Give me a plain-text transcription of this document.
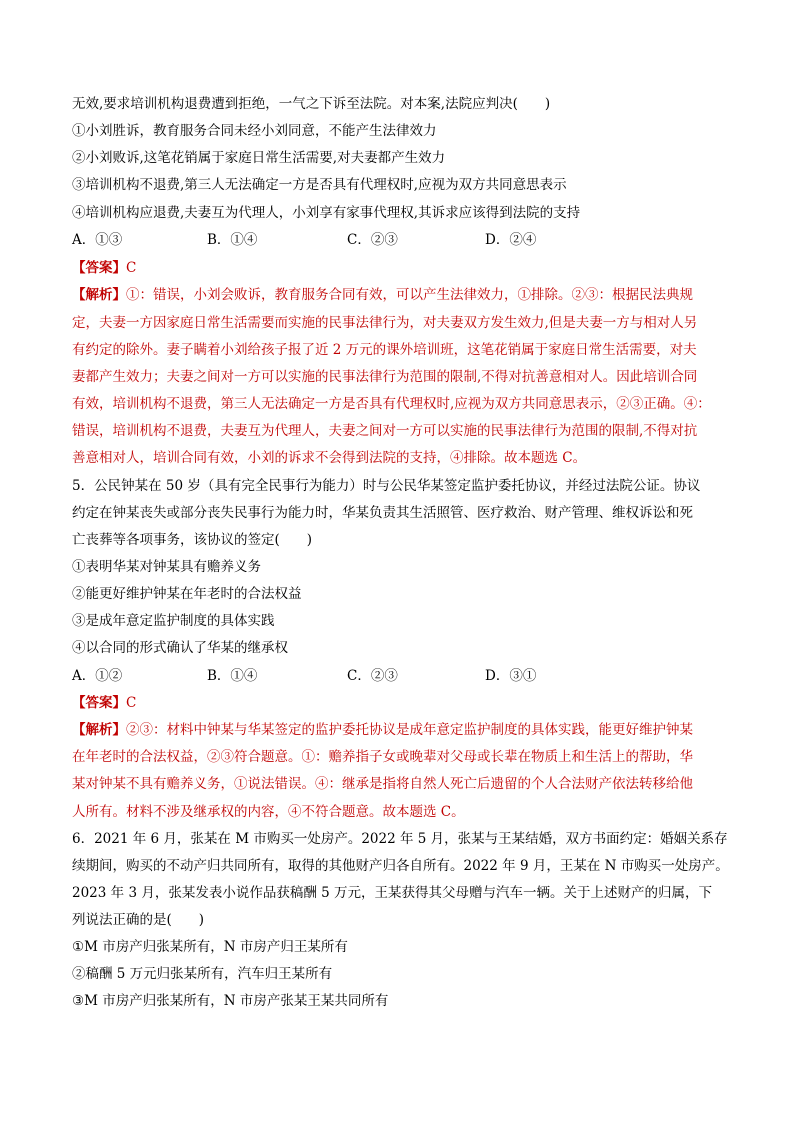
无效,要求培训机构退费遭到拒绝，一气之下诉至法院。对本案,法院应判决(　　)
①小刘胜诉，教育服务合同未经小刘同意，不能产生法律效力
②小刘败诉,这笔花销属于家庭日常生活需要,对夫妻都产生效力
③培训机构不退费,第三人无法确定一方是否具有代理权时,应视为双方共同意思表示
④培训机构应退费,夫妻互为代理人，小刘享有家事代理权,其诉求应该得到法院的支持
A．①③	B．①④	C．②③	D．②④
【答案】C
【解析】①：错误，小刘会败诉，教育服务合同有效，可以产生法律效力，①排除。②③：根据民法典规
定，夫妻一方因家庭日常生活需要而实施的民事法律行为，对夫妻双方发生效力,但是夫妻一方与相对人另
有约定的除外。妻子瞒着小刘给孩子报了近 2 万元的课外培训班，这笔花销属于家庭日常生活需要，对夫
妻都产生效力；夫妻之间对一方可以实施的民事法律行为范围的限制,不得对抗善意相对人。因此培训合同
有效，培训机构不退费，第三人无法确定一方是否具有代理权时,应视为双方共同意思表示，②③正确。④：
错误，培训机构不退费，夫妻互为代理人，夫妻之间对一方可以实施的民事法律行为范围的限制,不得对抗
善意相对人，培训合同有效，小刘的诉求不会得到法院的支持，④排除。故本题选 C。
5．公民钟某在 50 岁（具有完全民事行为能力）时与公民华某签定监护委托协议，并经过法院公证。协议
约定在钟某丧失或部分丧失民事行为能力时，华某负责其生活照管、医疗救治、财产管理、维权诉讼和死
亡丧葬等各项事务，该协议的签定(　　)
①表明华某对钟某具有赡养义务
②能更好维护钟某在年老时的合法权益
③是成年意定监护制度的具体实践
④以合同的形式确认了华某的继承权
A．①②	B．①④	C．②③	D．③①
【答案】C
【解析】②③：材料中钟某与华某签定的监护委托协议是成年意定监护制度的具体实践，能更好维护钟某
在年老时的合法权益，②③符合题意。①：赡养指子女或晚辈对父母或长辈在物质上和生活上的帮助，华
某对钟某不具有赡养义务，①说法错误。④：继承是指将自然人死亡后遗留的个人合法财产依法转移给他
人所有。材料不涉及继承权的内容，④不符合题意。故本题选 C。
6．2021 年 6 月，张某在 M 市购买一处房产。2022 年 5 月，张某与王某结婚，双方书面约定：婚姻关系存
续期间，购买的不动产归共同所有，取得的其他财产归各自所有。2022 年 9 月，王某在 N 市购买一处房产。
2023 年 3 月，张某发表小说作品获稿酬 5 万元，王某获得其父母赠与汽车一辆。关于上述财产的归属，下
列说法正确的是(　　)
①M 市房产归张某所有，N 市房产归王某所有
②稿酬 5 万元归张某所有，汽车归王某所有
③M 市房产归张某所有，N 市房产张某王某共同所有
